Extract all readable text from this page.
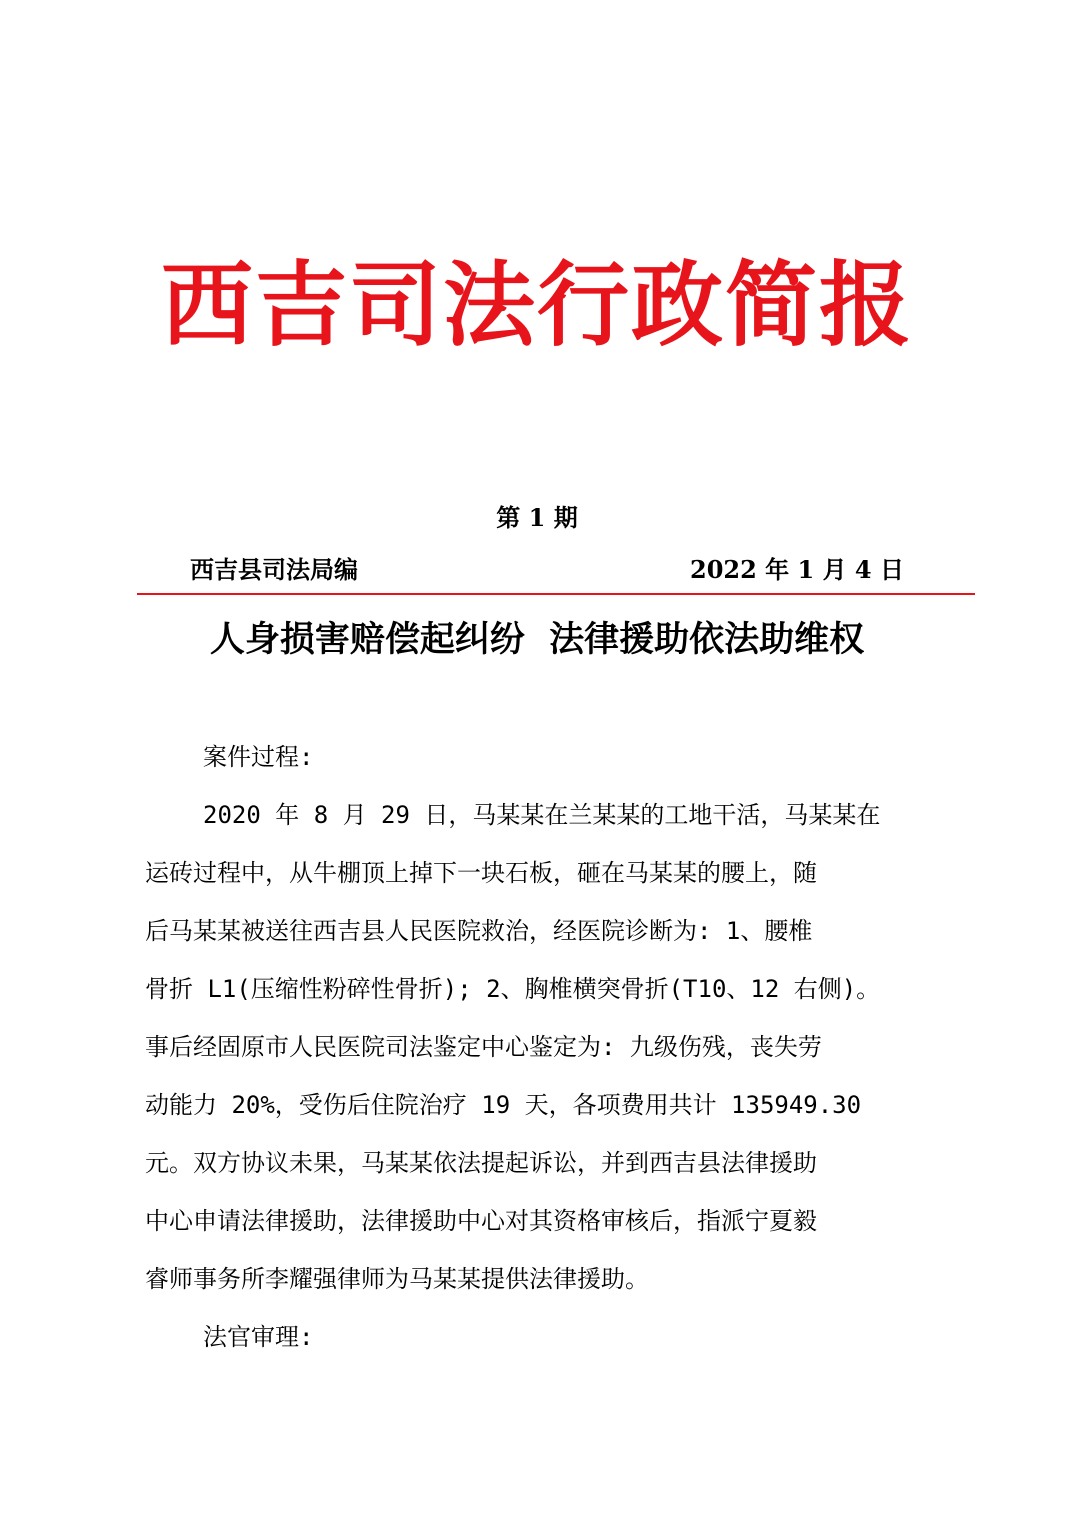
西吉司法行政简报
第 1 期
西吉县司法局编	2022 年 1 月 4 日
人身损害赔偿起纠纷  法律援助依法助维权
案件过程:
2020 年 8 月 29 日，马某某在兰某某的工地干活，马某某在
运砖过程中，从牛棚顶上掉下一块石板，砸在马某某的腰上，随
后马某某被送往西吉县人民医院救治，经医院诊断为: 1、腰椎
骨折 L1(压缩性粉碎性骨折); 2、胸椎横突骨折(T10、12 右侧)。
事后经固原市人民医院司法鉴定中心鉴定为: 九级伤残，丧失劳
动能力 20%，受伤后住院治疗 19 天，各项费用共计 135949.30
元。双方协议未果，马某某依法提起诉讼，并到西吉县法律援助
中心申请法律援助，法律援助中心对其资格审核后，指派宁夏毅
睿师事务所李耀强律师为马某某提供法律援助。
法官审理:
